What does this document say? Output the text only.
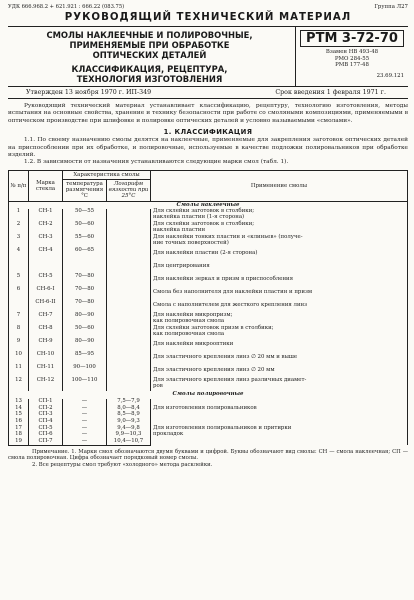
УДК 666.968.2 + 621.921 : 666.22 (083.75)	Группа Л27
РУКОВОДЯЩИЙ ТЕХНИЧЕСКИЙ МАТЕРИАЛ
СМОЛЫ НАКЛЕЕЧНЫЕ И ПОЛИРОВОЧНЫЕ,
ПРИМЕНЯЕМЫЕ ПРИ ОБРАБОТКЕ
ОПТИЧЕСКИХ ДЕТАЛЕЙ
КЛАССИФИКАЦИЯ, РЕЦЕПТУРА,
ТЕХНОЛОГИЯ ИЗГОТОВЛЕНИЯ
РТМ 3-72-70
Взамен НВ 493-48
РМО 284-55
РМВ 177-48
23.69.121
Утвержден 13 ноября 1970 г. ИП-349	Срок введения 1 февраля 1971 г.

Руководящий технический материал устанавливает классификацию, рецептуру, технологию изготовления, методы испытания на основные свойства, хранение и технику безопасности при работе со смоляными композициями, применяемыми в оптическом производстве при шлифовке и полировке оптических деталей и условно называемыми «смолами».

1. КЛАССИФИКАЦИЯ

1.1. По своему назначению смолы делятся на наклеечные, применяемые для закрепления заготовок оптических деталей на приспособлении при их обработке, и полировочные, используемые в качестве подложки полировальников при обработке изделий.

1.2. В зависимости от назначения устанавливаются следующие марки смол (табл. 1).

№ п/п	Марка стекла	Характеристика смолы		Применение смолы
		температура размягчения °С	Логарифм вязкости при 25°С	
Смолы наклеечные				
1	СН-1	50—55		Для склейки заготовок в столбики;
наклейка пластин (1-я сторона)

2	СН-2	50—60		Для склейки заготовок в столбики;
наклейка пластин

3	СН-3	55—60		Для наклейки тонких пластин и «клиньев» (получе-
ние точных поверхностей)

4	СН-4	60—65		Для наклейки пластин (2-я сторона)

				Для центрирования

5	СН-5	70—80		Для наклейки зеркал и призм в приспособления

6	СН-6-I	70—80		Смола без наполнителя для наклейки пластин и призм

	СН-6-II	70—80		Смола с наполнителем для жесткого крепления линз

7	СН-7	80—90		Для наклейки микропризм;
как полировочная смола

8	СН-8	50—60		Для склейки заготовок призм в столбики;
как полировочная смола

9	СН-9	80—90		Для наклейки микрооптики

10	СН-10	85—95		Для эластичного крепления линз ∅ 20 мм и выше

11	СН-11	90—100		Для эластичного крепления линз ∅ 20 мм

12	СН-12	100—110		Для эластичного крепления линз различных диамет-
ров

Смолы полировочные				
13	СП-1	—	7,5—7,9	Для изготовления полировальников

14	СП-2	—	8,0—8,4	
15	СП-3	—	8,5—8,9	
16	СП-4	—	9,0—9,3	Для изготовления полировальников и притирки
прокладок

17	СП-5	—	9,4—9,8	
18	СП-6	—	9,9—10,3	
19	СП-7	—	10,4—10,7	

Примечание. 1. Марки смол обозначаются двумя буквами и цифрой. Буквы обозначают вид смолы: СН — смола наклеечная; СП — смола полировочная. Цифра обозначает порядковый номер смолы.

2. Все рецептуры смол требуют «холодного» метода расклейки.
